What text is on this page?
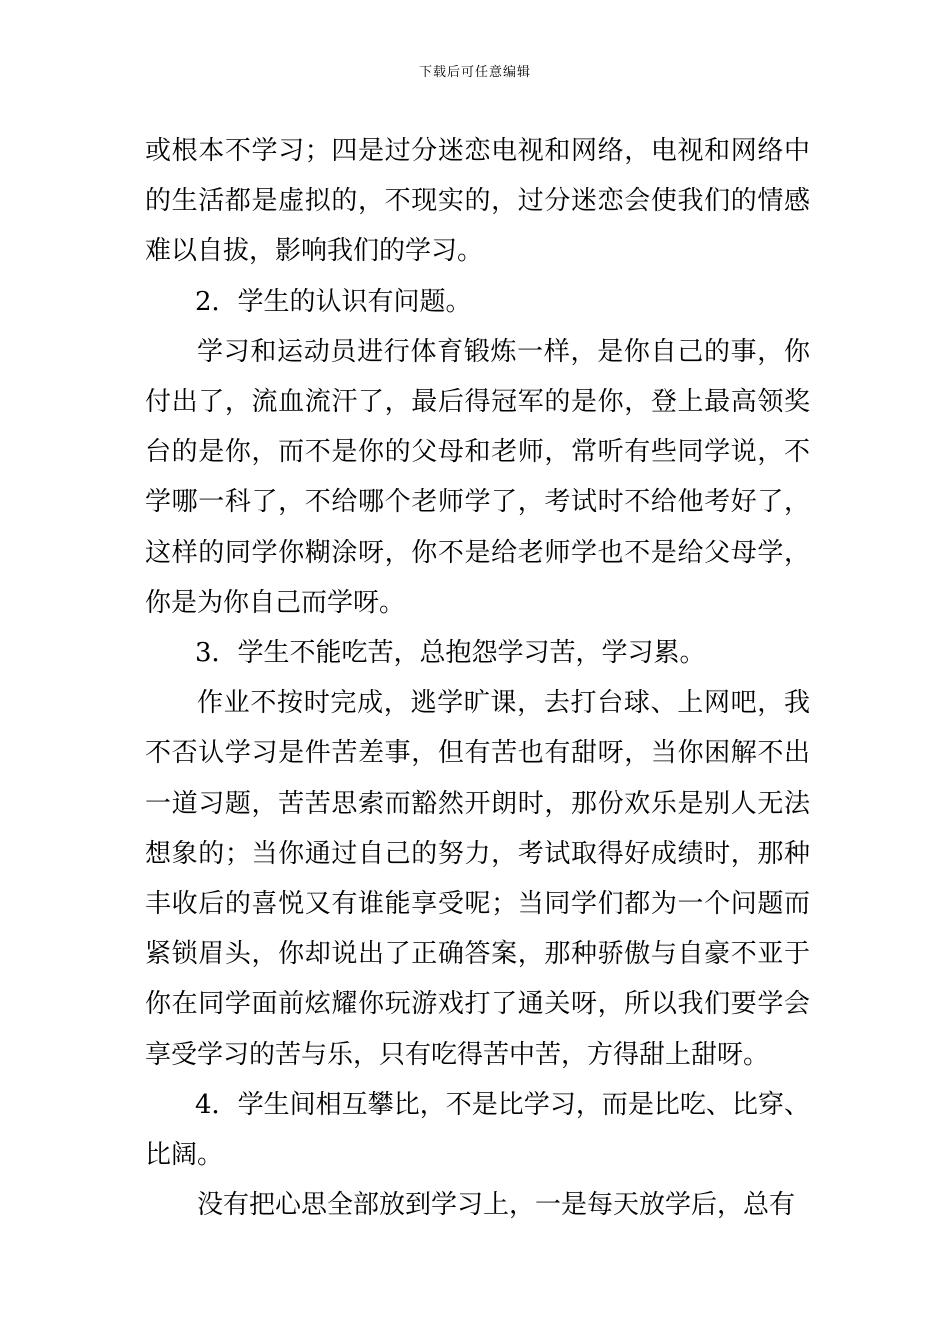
下载后可任意编辑

或根本不学习；四是过分迷恋电视和网络，电视和网络中的生活都是虚拟的，不现实的，过分迷恋会使我们的情感难以自拔，影响我们的学习。

2．学生的认识有问题。

学习和运动员进行体育锻炼一样，是你自己的事，你付出了，流血流汗了，最后得冠军的是你，登上最高领奖台的是你，而不是你的父母和老师，常听有些同学说，不学哪一科了，不给哪个老师学了，考试时不给他考好了，这样的同学你糊涂呀，你不是给老师学也不是给父母学，你是为你自己而学呀。

3．学生不能吃苦，总抱怨学习苦，学习累。

作业不按时完成，逃学旷课，去打台球、上网吧，我不否认学习是件苦差事，但有苦也有甜呀，当你困解不出一道习题，苦苦思索而豁然开朗时，那份欢乐是别人无法想象的；当你通过自己的努力，考试取得好成绩时，那种丰收后的喜悦又有谁能享受呢；当同学们都为一个问题而紧锁眉头，你却说出了正确答案，那种骄傲与自豪不亚于你在同学面前炫耀你玩游戏打了通关呀，所以我们要学会享受学习的苦与乐，只有吃得苦中苦，方得甜上甜呀。

4．学生间相互攀比，不是比学习，而是比吃、比穿、比阔。

没有把心思全部放到学习上，一是每天放学后，总有
